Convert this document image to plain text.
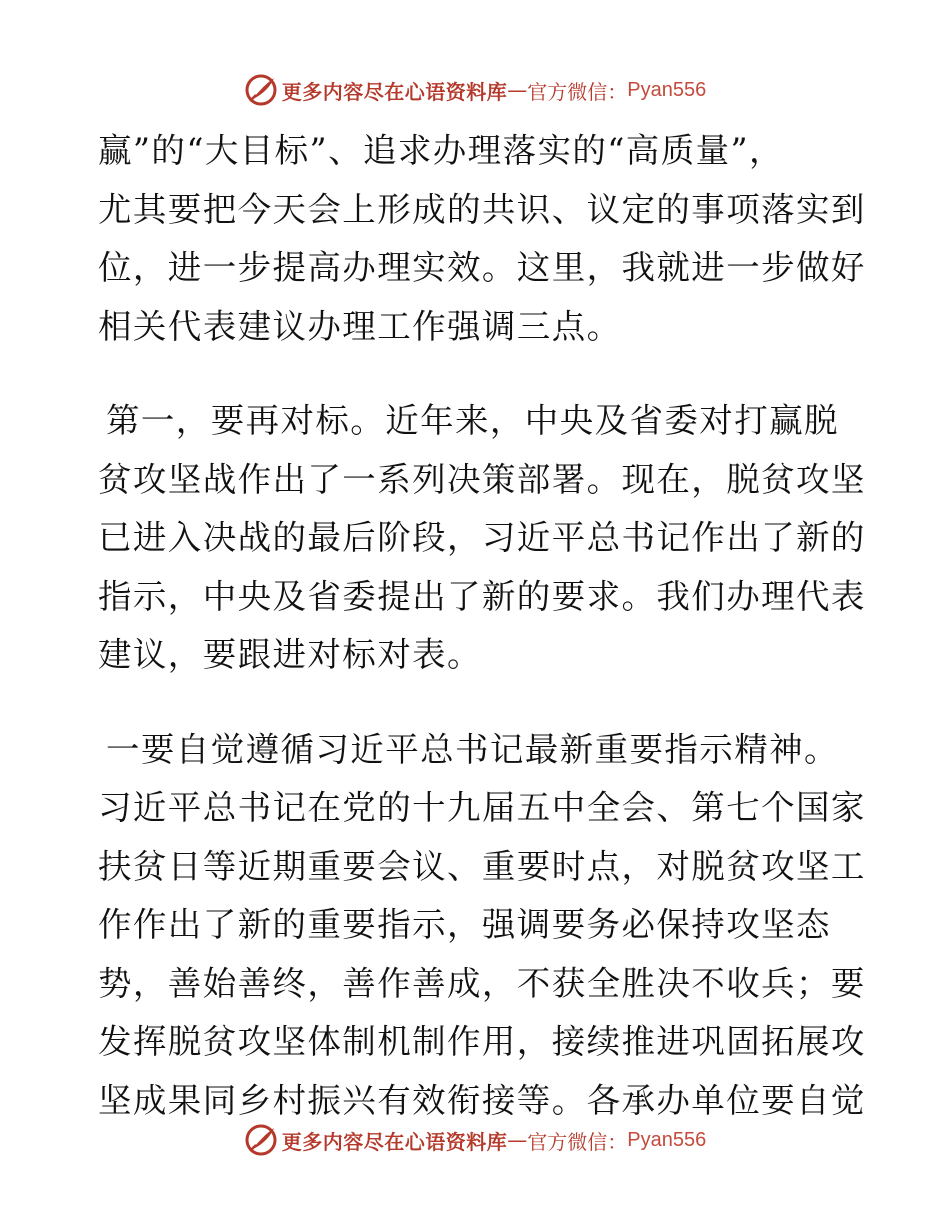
更多内容尽在心语资料库 — 官方微信： Pyan556
赢”的“大目标”、追求办理落实的“高质量”，
尤其要把今天会上形成的共识、议定的事项落实到
位，进一步提高办理实效。这里，我就进一步做好
相关代表建议办理工作强调三点。
第一，要再对标。近年来，中央及省委对打赢脱
贫攻坚战作出了一系列决策部署。现在，脱贫攻坚
已进入决战的最后阶段，习近平总书记作出了新的
指示，中央及省委提出了新的要求。我们办理代表
建议，要跟进对标对表。
一要自觉遵循习近平总书记最新重要指示精神。
习近平总书记在党的十九届五中全会、第七个国家
扶贫日等近期重要会议、重要时点，对脱贫攻坚工
作作出了新的重要指示，强调要务必保持攻坚态
势，善始善终，善作善成，不获全胜决不收兵；要
发挥脱贫攻坚体制机制作用，接续推进巩固拓展攻
坚成果同乡村振兴有效衔接等。各承办单位要自觉
更多内容尽在心语资料库 — 官方微信： Pyan556
